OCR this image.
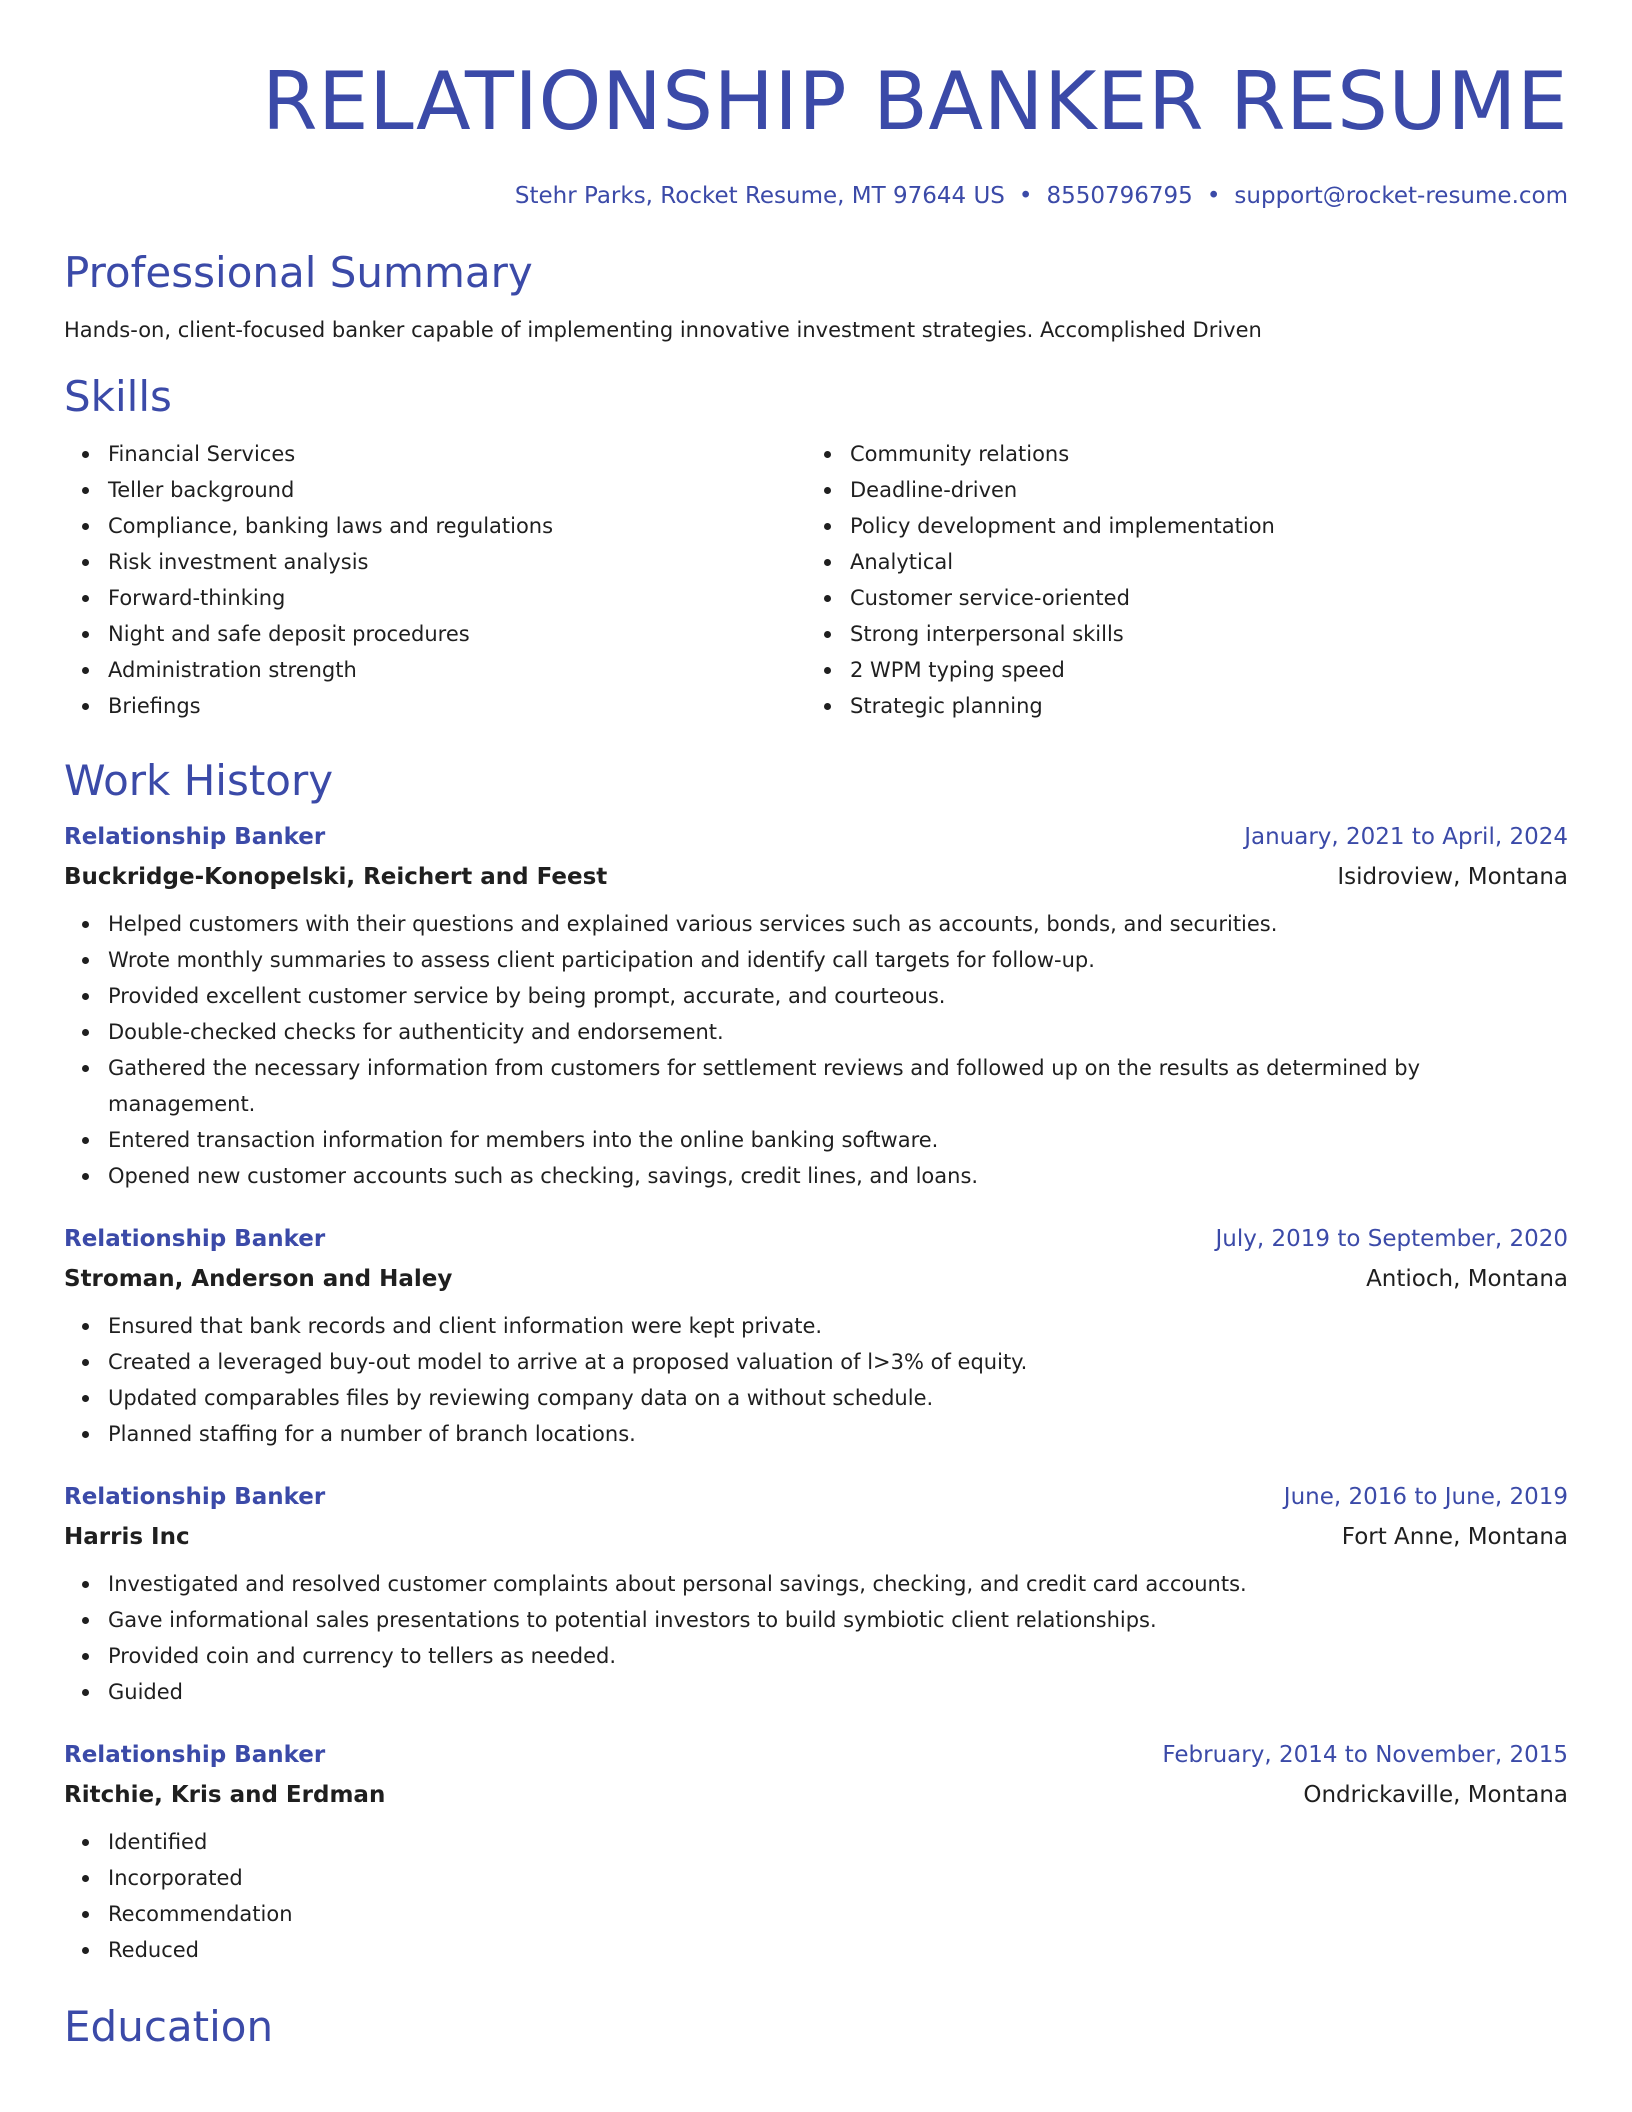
RELATIONSHIP BANKER RESUME
Stehr Parks, Rocket Resume, MT 97644 US • 8550796795 • support@rocket-resume.com
Professional Summary
Hands-on, client-focused banker capable of implementing innovative investment strategies. Accomplished Driven
Skills
Financial Services
Teller background
Compliance, banking laws and regulations
Risk investment analysis
Forward-thinking
Night and safe deposit procedures
Administration strength
Briefings
Community relations
Deadline-driven
Policy development and implementation
Analytical
Customer service-oriented
Strong interpersonal skills
2 WPM typing speed
Strategic planning
Work History
Relationship Banker	January, 2021 to April, 2024
Buckridge-Konopelski, Reichert and Feest	Isidroview, Montana
Helped customers with their questions and explained various services such as accounts, bonds, and securities.
Wrote monthly summaries to assess client participation and identify call targets for follow-up.
Provided excellent customer service by being prompt, accurate, and courteous.
Double-checked checks for authenticity and endorsement.
Gathered the necessary information from customers for settlement reviews and followed up on the results as determined by management.
Entered transaction information for members into the online banking software.
Opened new customer accounts such as checking, savings, credit lines, and loans.
Relationship Banker	July, 2019 to September, 2020
Stroman, Anderson and Haley	Antioch, Montana
Ensured that bank records and client information were kept private.
Created a leveraged buy-out model to arrive at a proposed valuation of l>3% of equity.
Updated comparables files by reviewing company data on a without schedule.
Planned staffing for a number of branch locations.
Relationship Banker	June, 2016 to June, 2019
Harris Inc	Fort Anne, Montana
Investigated and resolved customer complaints about personal savings, checking, and credit card accounts.
Gave informational sales presentations to potential investors to build symbiotic client relationships.
Provided coin and currency to tellers as needed.
Guided
Relationship Banker	February, 2014 to November, 2015
Ritchie, Kris and Erdman	Ondrickaville, Montana
Identified
Incorporated
Recommendation
Reduced
Education
